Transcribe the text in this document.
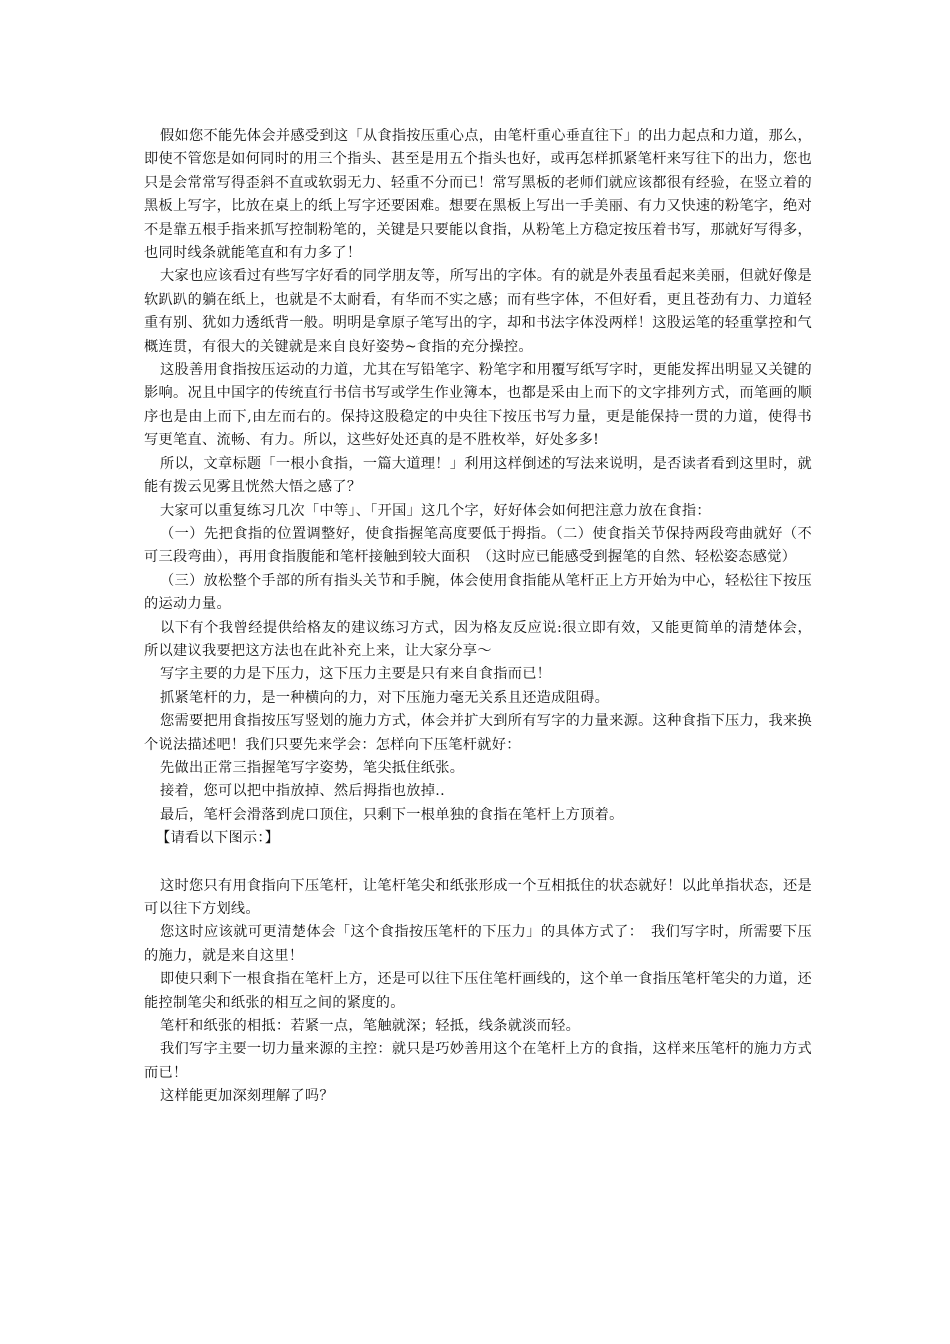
假如您不能先体会并感受到这「从食指按压重心点，由笔杆重心垂直往下」的出力起点和力道，那么，即使不管您是如何同时的用三个指头、甚至是用五个指头也好，或再怎样抓紧笔杆来写往下的出力，您也只是会常常写得歪斜不直或软弱无力、轻重不分而已！常写黑板的老师们就应该都很有经验，在竖立着的黑板上写字，比放在桌上的纸上写字还要困难。想要在黑板上写出一手美丽、有力又快速的粉笔字，绝对不是靠五根手指来抓写控制粉笔的，关键是只要能以食指，从粉笔上方稳定按压着书写，那就好写得多，也同时线条就能笔直和有力多了！

大家也应该看过有些写字好看的同学朋友等，所写出的字体。有的就是外表虽看起来美丽，但就好像是软趴趴的躺在纸上，也就是不太耐看，有华而不实之感；而有些字体，不但好看，更且苍劲有力、力道轻重有别、犹如力透纸背一般。明明是拿原子笔写出的字，却和书法字体没两样！这股运笔的轻重掌控和气概连贯，有很大的关键就是来自良好姿势~食指的充分操控。

这股善用食指按压运动的力道，尤其在写铅笔字、粉笔字和用覆写纸写字时，更能发挥出明显又关键的影响。况且中国字的传统直行书信书写或学生作业簿本，也都是采由上而下的文字排列方式，而笔画的顺序也是由上而下,由左而右的。保持这股稳定的中央往下按压书写力量，更是能保持一贯的力道，使得书写更笔直、流畅、有力。所以，这些好处还真的是不胜枚举，好处多多!

所以，文章标题「一根小食指，一篇大道理！」利用这样倒述的写法来说明，是否读者看到这里时，就能有拨云见雾且恍然大悟之感了？

大家可以重复练习几次「中等」、「开国」这几个字，好好体会如何把注意力放在食指：

（一）先把食指的位置调整好，使食指握笔高度要低于拇指。（二）使食指关节保持两段弯曲就好（不可三段弯曲），再用食指腹能和笔杆接触到较大面积　（这时应已能感受到握笔的自然、轻松姿态感觉）

（三）放松整个手部的所有指头关节和手腕，体会使用食指能从笔杆正上方开始为中心，轻松往下按压的运动力量。

以下有个我曾经提供给格友的建议练习方式，因为格友反应说:很立即有效，又能更简单的清楚体会，所以建议我要把这方法也在此补充上来，让大家分享～

写字主要的力是下压力，这下压力主要是只有来自食指而已！

抓紧笔杆的力，是一种横向的力，对下压施力毫无关系且还造成阻碍。

您需要把用食指按压写竖划的施力方式，体会并扩大到所有写字的力量来源。这种食指下压力，我来换个说法描述吧！我们只要先来学会：怎样向下压笔杆就好：

先做出正常三指握笔写字姿势，笔尖抵住纸张。

接着，您可以把中指放掉、然后拇指也放掉..

最后，笔杆会滑落到虎口顶住，只剩下一根单独的食指在笔杆上方顶着。

【请看以下图示：】

这时您只有用食指向下压笔杆，让笔杆笔尖和纸张形成一个互相抵住的状态就好！以此单指状态，还是可以往下方划线。

您这时应该就可更清楚体会「这个食指按压笔杆的下压力」的具体方式了：　我们写字时，所需要下压的施力，就是来自这里！

即使只剩下一根食指在笔杆上方，还是可以往下压住笔杆画线的，这个单一食指压笔杆笔尖的力道，还能控制笔尖和纸张的相互之间的紧度的。

笔杆和纸张的相抵：若紧一点，笔触就深；轻抵，线条就淡而轻。

我们写字主要一切力量来源的主控：就只是巧妙善用这个在笔杆上方的食指，这样来压笔杆的施力方式而已！

这样能更加深刻理解了吗？
